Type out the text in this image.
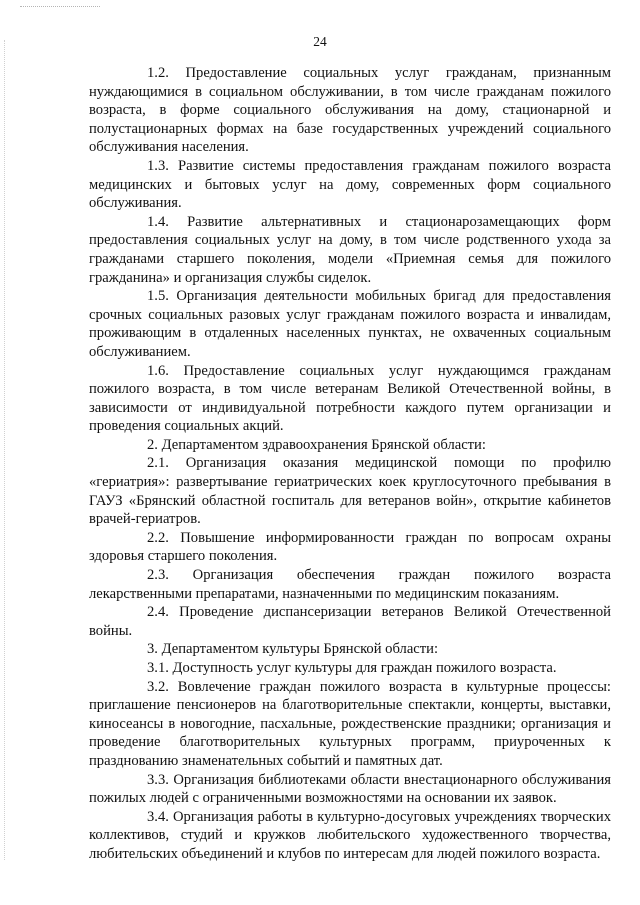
24

1.2. Предоставление социальных услуг гражданам, признанным нуждающимися в социальном обслуживании, в том числе гражданам пожилого возраста, в форме социального обслуживания на дому, стационарной и полустационарных формах на базе государственных учреждений социального обслуживания населения.

1.3. Развитие системы предоставления гражданам пожилого возраста медицинских и бытовых услуг на дому, современных форм социального обслуживания.

1.4. Развитие альтернативных и стационарозамещающих форм предоставления социальных услуг на дому, в том числе родственного ухода за гражданами старшего поколения, модели «Приемная семья для пожилого гражданина» и организация службы сиделок.

1.5. Организация деятельности мобильных бригад для предоставления срочных социальных разовых услуг гражданам пожилого возраста и инвалидам, проживающим в отдаленных населенных пунктах, не охваченных социальным обслуживанием.

1.6. Предоставление социальных услуг нуждающимся гражданам пожилого возраста, в том числе ветеранам Великой Отечественной войны, в зависимости от индивидуальной потребности каждого путем организации и проведения социальных акций.

2. Департаментом здравоохранения Брянской области:

2.1. Организация оказания медицинской помощи по профилю «гериатрия»: развертывание гериатрических коек круглосуточного пребывания в ГАУЗ «Брянский областной госпиталь для ветеранов войн», открытие кабинетов врачей-гериатров.

2.2. Повышение информированности граждан по вопросам охраны здоровья старшего поколения.

2.3. Организация обеспечения граждан пожилого возраста лекарственными препаратами, назначенными по медицинским показаниям.

2.4. Проведение диспансеризации ветеранов Великой Отечественной войны.

3. Департаментом культуры Брянской области:

3.1. Доступность услуг культуры для граждан пожилого возраста.

3.2. Вовлечение граждан пожилого возраста в культурные процессы: приглашение пенсионеров на благотворительные спектакли, концерты, выставки, киносеансы в новогодние, пасхальные, рождественские праздники; организация и проведение благотворительных культурных программ, приуроченных к празднованию знаменательных событий и памятных дат.

3.3. Организация библиотеками области внестационарного обслуживания пожилых людей с ограниченными возможностями на основании их заявок.

3.4. Организация работы в культурно-досуговых учреждениях творческих коллективов, студий и кружков любительского художественного творчества, любительских объединений и клубов по интересам для людей пожилого возраста.
